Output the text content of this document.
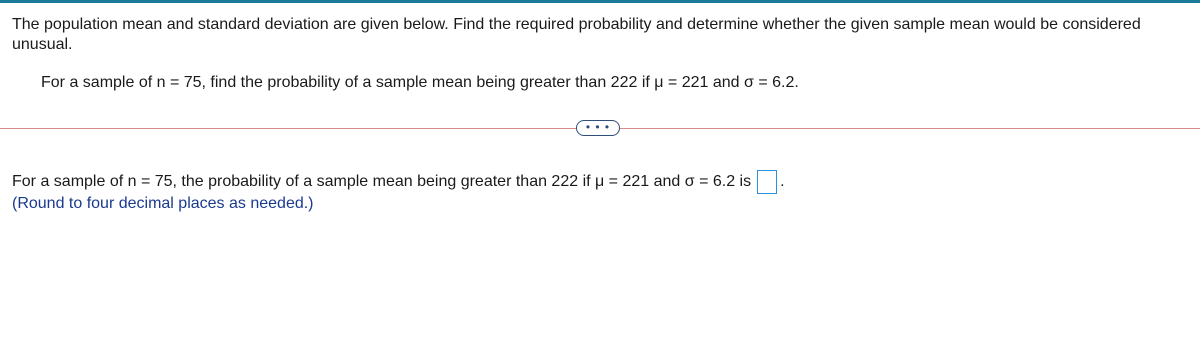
The population mean and standard deviation are given below. Find the required probability and determine whether the given sample mean would be considered unusual.
For a sample of n = 75, find the probability of a sample mean being greater than 222 if μ = 221 and σ = 6.2.
• • •
For a sample of n = 75, the probability of a sample mean being greater than 222 if μ = 221 and σ = 6.2 is .
(Round to four decimal places as needed.)
